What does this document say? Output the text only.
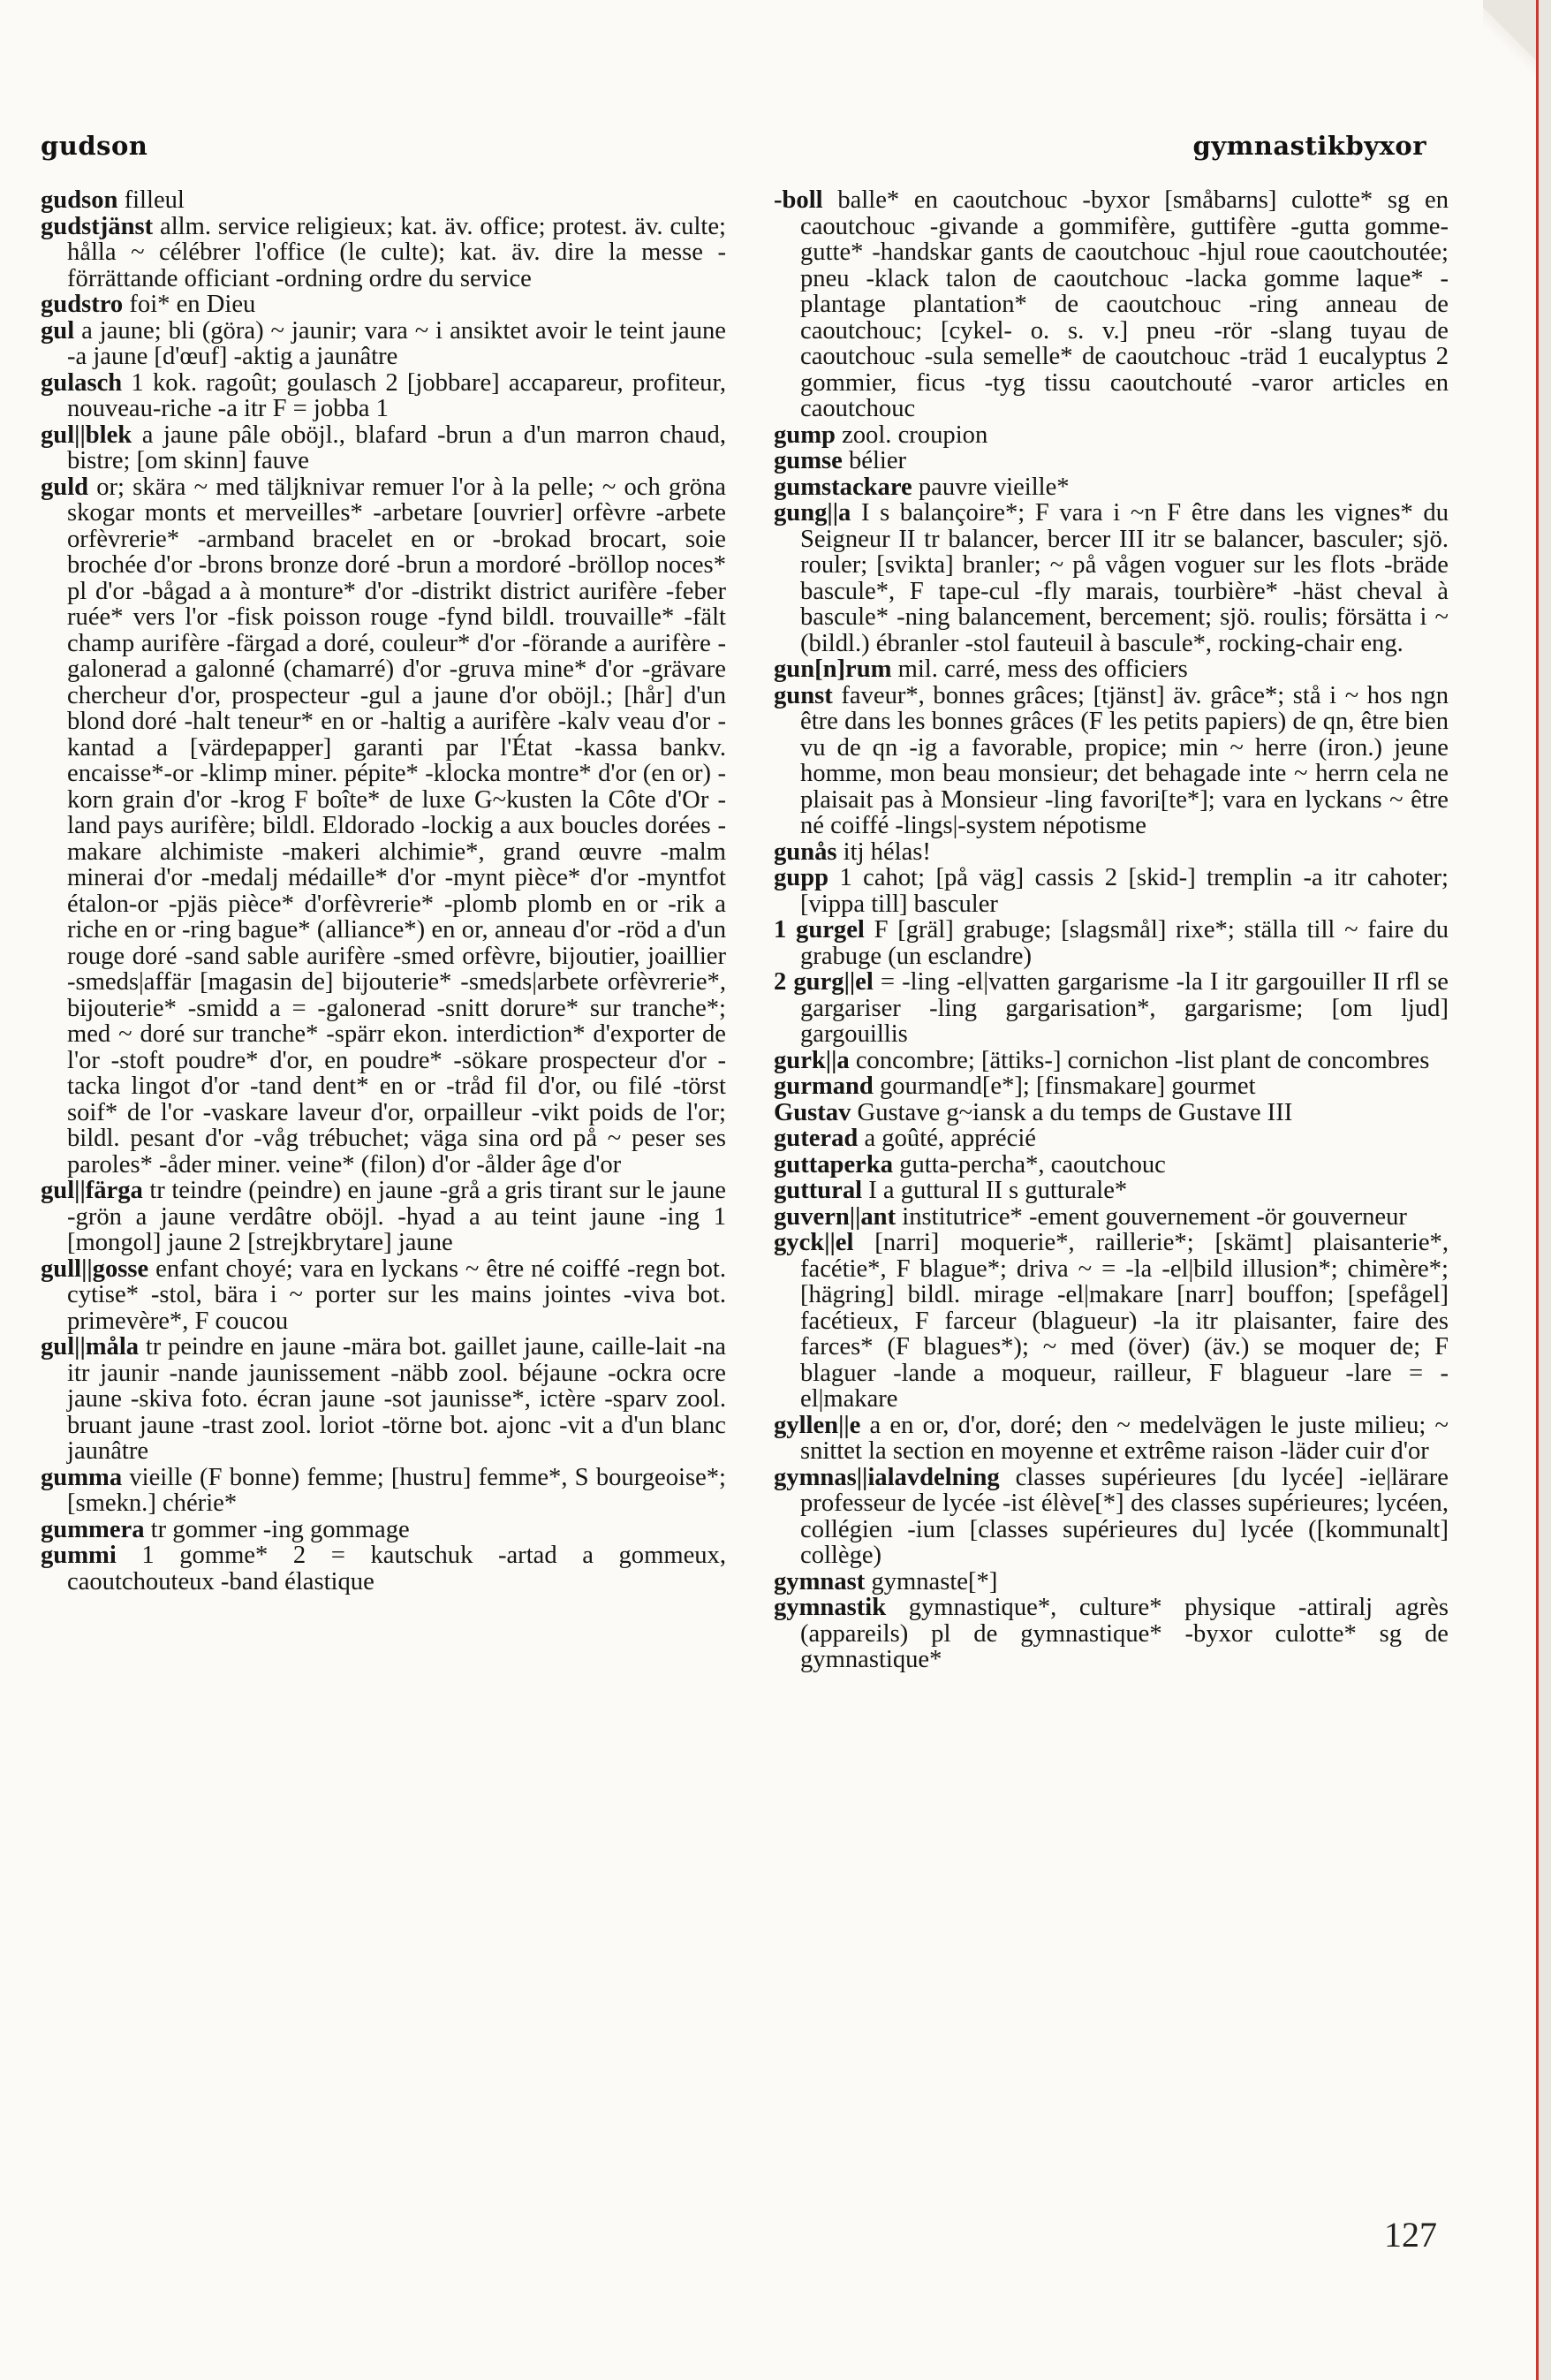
gudson	gymnastikbyxor

gudson filleul

gudstjänst allm. service religieux; kat. äv. office; protest. äv. culte; hålla ~ célébrer l'office (le culte); kat. äv. dire la messe -förrättande officiant -ordning ordre du service

gudstro foi* en Dieu

gul a jaune; bli (göra) ~ jaunir; vara ~ i ansiktet avoir le teint jaune -a jaune [d'œuf] -aktig a jaunâtre

gulasch 1 kok. ragoût; goulasch 2 [jobbare] accapareur, profiteur, nouveau-riche -a itr F = jobba 1

gul||blek a jaune pâle oböjl., blafard -brun a d'un marron chaud, bistre; [om skinn] fauve

guld or; skära ~ med täljknivar remuer l'or à la pelle; ~ och gröna skogar monts et merveilles* -arbetare [ouvrier] orfèvre -arbete orfèvrerie* -armband bracelet en or -brokad brocart, soie brochée d'or -brons bronze doré -brun a mordoré -bröllop noces* pl d'or -bågad a à monture* d'or -distrikt district aurifère -feber ruée* vers l'or -fisk poisson rouge -fynd bildl. trouvaille* -fält champ aurifère -färgad a doré, couleur* d'or -förande a aurifère -galonerad a galonné (chamarré) d'or -gruva mine* d'or -grävare chercheur d'or, prospecteur -gul a jaune d'or oböjl.; [hår] d'un blond doré -halt teneur* en or -haltig a aurifère -kalv veau d'or -kantad a [värdepapper] garanti par l'État -kassa bankv. encaisse*-or -klimp miner. pépite* -klocka montre* d'or (en or) -korn grain d'or -krog F boîte* de luxe G~kusten la Côte d'Or -land pays aurifère; bildl. Eldorado -lockig a aux boucles dorées -makare alchimiste -makeri alchimie*, grand œuvre -malm minerai d'or -medalj médaille* d'or -mynt pièce* d'or -myntfot étalon-or -pjäs pièce* d'orfèvrerie* -plomb plomb en or -rik a riche en or -ring bague* (alliance*) en or, anneau d'or -röd a d'un rouge doré -sand sable aurifère -smed orfèvre, bijoutier, joaillier -smeds|affär [magasin de] bijouterie* -smeds|arbete orfèvrerie*, bijouterie* -smidd a = -galonerad -snitt dorure* sur tranche*; med ~ doré sur tranche* -spärr ekon. interdiction* d'exporter de l'or -stoft poudre* d'or, en poudre* -sökare prospecteur d'or -tacka lingot d'or -tand dent* en or -tråd fil d'or, ou filé -törst soif* de l'or -vaskare laveur d'or, orpailleur -vikt poids de l'or; bildl. pesant d'or -våg trébuchet; väga sina ord på ~ peser ses paroles* -åder miner. veine* (filon) d'or -ålder âge d'or

gul||färga tr teindre (peindre) en jaune -grå a gris tirant sur le jaune -grön a jaune verdâtre oböjl. -hyad a au teint jaune -ing 1 [mongol] jaune 2 [strejkbrytare] jaune

gull||gosse enfant choyé; vara en lyckans ~ être né coiffé -regn bot. cytise* -stol, bära i ~ porter sur les mains jointes -viva bot. primevère*, F coucou

gul||måla tr peindre en jaune -mära bot. gaillet jaune, caille-lait -na itr jaunir -nande jaunissement -näbb zool. béjaune -ockra ocre jaune -skiva foto. écran jaune -sot jaunisse*, ictère -sparv zool. bruant jaune -trast zool. loriot -törne bot. ajonc -vit a d'un blanc jaunâtre

gumma vieille (F bonne) femme; [hustru] femme*, S bourgeoise*; [smekn.] chérie*

gummera tr gommer -ing gommage

gummi 1 gomme* 2 = kautschuk -artad a gommeux, caoutchouteux -band élastique

-boll balle* en caoutchouc -byxor [småbarns] culotte* sg en caoutchouc -givande a gommifère, guttifère -gutta gomme-gutte* -handskar gants de caoutchouc -hjul roue caoutchoutée; pneu -klack talon de caoutchouc -lacka gomme laque* -plantage plantation* de caoutchouc -ring anneau de caoutchouc; [cykel- o. s. v.] pneu -rör -slang tuyau de caoutchouc -sula semelle* de caoutchouc -träd 1 eucalyptus 2 gommier, ficus -tyg tissu caoutchouté -varor articles en caoutchouc

gump zool. croupion

gumse bélier

gumstackare pauvre vieille*

gung||a I s balançoire*; F vara i ~n F être dans les vignes* du Seigneur II tr balancer, bercer III itr se balancer, basculer; sjö. rouler; [svikta] branler; ~ på vågen voguer sur les flots -bräde bascule*, F tape-cul -fly marais, tourbière* -häst cheval à bascule* -ning balancement, bercement; sjö. roulis; försätta i ~ (bildl.) ébranler -stol fauteuil à bascule*, rocking-chair eng.

gun[n]rum mil. carré, mess des officiers

gunst faveur*, bonnes grâces; [tjänst] äv. grâce*; stå i ~ hos ngn être dans les bonnes grâces (F les petits papiers) de qn, être bien vu de qn -ig a favorable, propice; min ~ herre (iron.) jeune homme, mon beau monsieur; det behagade inte ~ herrn cela ne plaisait pas à Monsieur -ling favori[te*]; vara en lyckans ~ être né coiffé -lings|-system népotisme

gunås itj hélas!

gupp 1 cahot; [på väg] cassis 2 [skid-] tremplin -a itr cahoter; [vippa till] basculer

1 gurgel F [gräl] grabuge; [slagsmål] rixe*; ställa till ~ faire du grabuge (un esclandre)

2 gurg||el = -ling -el|vatten gargarisme -la I itr gargouiller II rfl se gargariser -ling gargarisation*, gargarisme; [om ljud] gargouillis

gurk||a concombre; [ättiks-] cornichon -list plant de concombres

gurmand gourmand[e*]; [finsmakare] gourmet

Gustav Gustave g~iansk a du temps de Gustave III

guterad a goûté, apprécié

guttaperka gutta-percha*, caoutchouc

guttural I a guttural II s gutturale*

guvern||ant institutrice* -ement gouvernement -ör gouverneur

gyck||el [narri] moquerie*, raillerie*; [skämt] plaisanterie*, facétie*, F blague*; driva ~ = -la -el|bild illusion*; chimère*; [hägring] bildl. mirage -el|makare [narr] bouffon; [spefågel] facétieux, F farceur (blagueur) -la itr plaisanter, faire des farces* (F blagues*); ~ med (över) (äv.) se moquer de; F blaguer -lande a moqueur, railleur, F blagueur -lare = -el|makare

gyllen||e a en or, d'or, doré; den ~ medelvägen le juste milieu; ~ snittet la section en moyenne et extrême raison -läder cuir d'or

gymnas||ialavdelning classes supérieures [du lycée] -ie|lärare professeur de lycée -ist élève[*] des classes supérieures; lycéen, collégien -ium [classes supérieures du] lycée ([kommunalt] collège)

gymnast gymnaste[*]

gymnastik gymnastique*, culture* physique -attiralj agrès (appareils) pl de gymnastique* -byxor culotte* sg de gymnastique*

127
